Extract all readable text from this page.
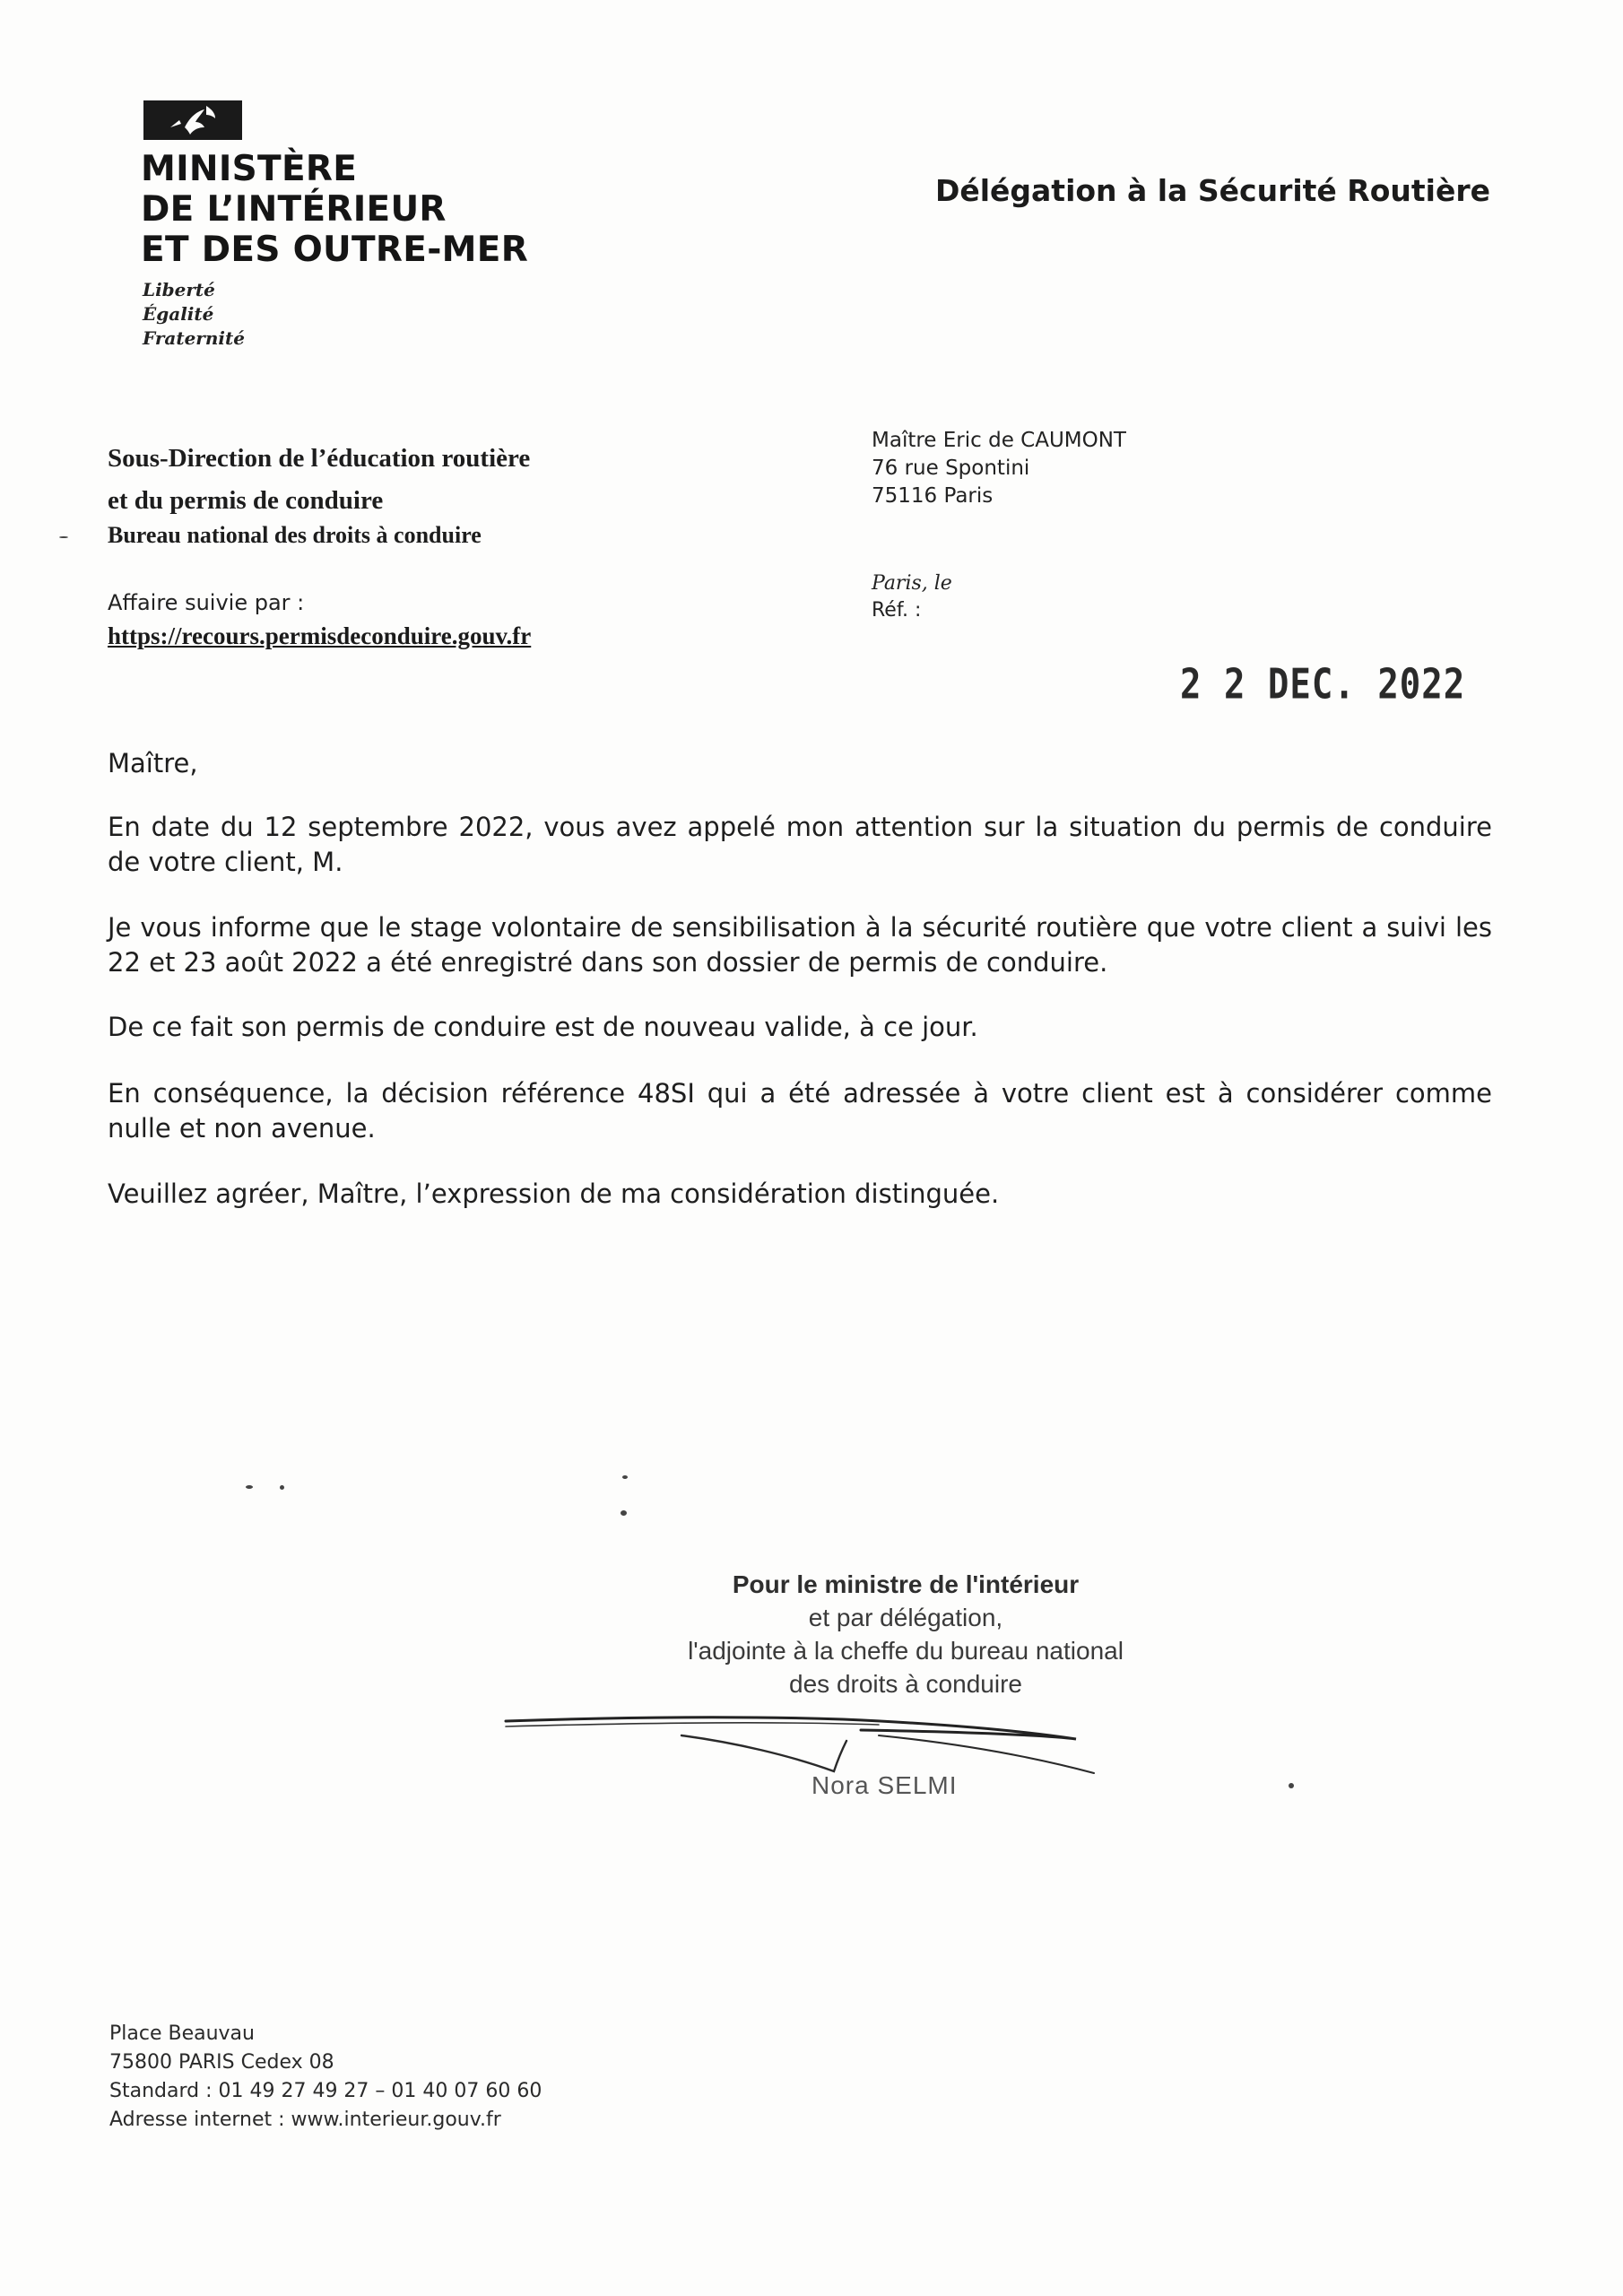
MINISTÈRE
DE L’INTÉRIEUR
ET DES OUTRE-MER
Liberté
Égalité
Fraternité
Délégation à la Sécurité Routière
Sous-Direction de l’éducation routière
et du permis de conduire
Bureau national des droits à conduire
Affaire suivie par :
https://recours.permisdeconduire.gouv.fr
Maître Eric de CAUMONT
76 rue Spontini
75116 Paris
Paris, le
Réf. :
2 2 DEC. 2022
Maître,
En date du 12 septembre 2022, vous avez appelé mon attention sur la situation du permis de conduire de votre client, M.
Je vous informe que le stage volontaire de sensibilisation à la sécurité routière que votre client a suivi les 22 et 23 août 2022 a été enregistré dans son dossier de permis de conduire.
De ce fait son permis de conduire est de nouveau valide, à ce jour.
En conséquence, la décision référence 48SI qui a été adressée à votre client est à considérer comme nulle et non avenue.
Veuillez agréer, Maître, l’expression de ma considération distinguée.
Pour le ministre de l'intérieur
et par délégation,
l'adjointe à la cheffe du bureau national
des droits à conduire
Nora SELMI
Place Beauvau
75800 PARIS Cedex 08
Standard : 01 49 27 49 27 – 01 40 07 60 60
Adresse internet : www.interieur.gouv.fr
